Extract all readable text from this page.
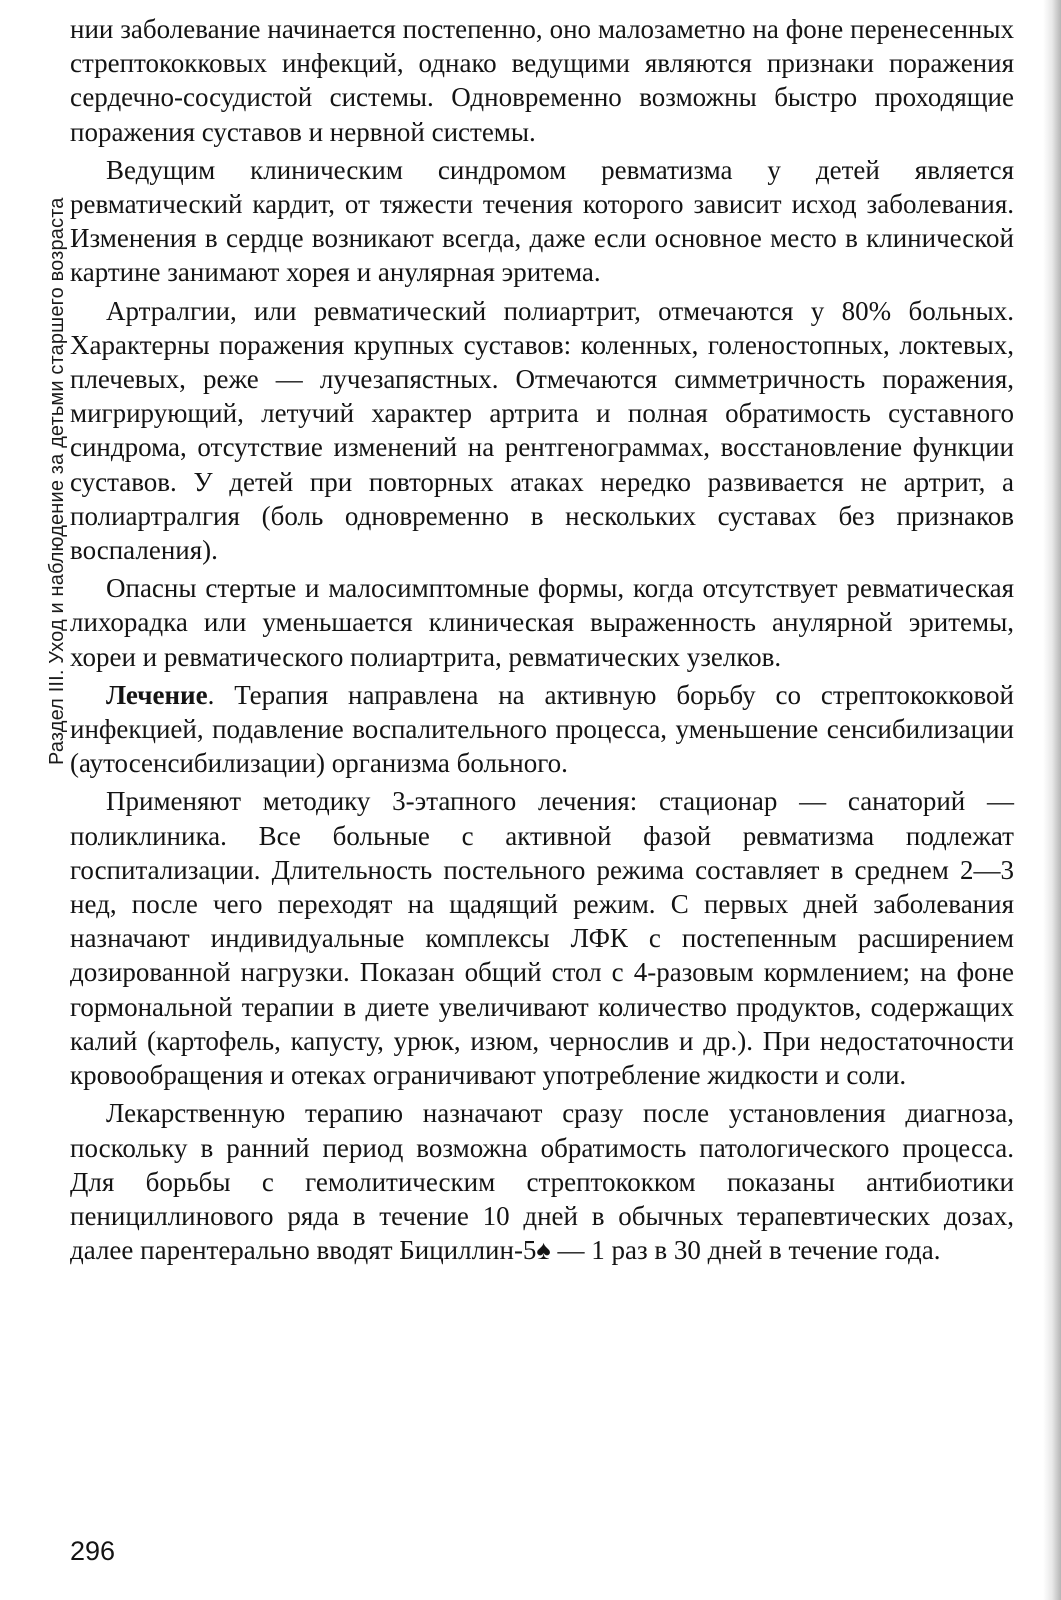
Раздел III. Уход и наблюдение за детьми старшего возраста

нии заболевание начинается постепенно, оно малозаметно на фоне перенесенных стрептококковых инфекций, однако ведущими являются признаки поражения сердечно-сосудистой системы. Одновременно возможны быстро проходящие поражения суставов и нервной системы.

Ведущим клиническим синдромом ревматизма у детей является ревматический кардит, от тяжести течения которого зависит исход заболевания. Изменения в сердце возникают всегда, даже если основное место в клинической картине занимают хорея и анулярная эритема.

Артралгии, или ревматический полиартрит, отмечаются у 80% больных. Характерны поражения крупных суставов: коленных, голеностопных, локтевых, плечевых, реже — лучезапястных. Отмечаются симметричность поражения, мигрирующий, летучий характер артрита и полная обратимость суставного синдрома, отсутствие изменений на рентгенограммах, восстановление функции суставов. У детей при повторных атаках нередко развивается не артрит, а полиартралгия (боль одновременно в нескольких суставах без признаков воспаления).

Опасны стертые и малосимптомные формы, когда отсутствует ревматическая лихорадка или уменьшается клиническая выраженность анулярной эритемы, хореи и ревматического полиартрита, ревматических узелков.

Лечение. Терапия направлена на активную борьбу со стрептококковой инфекцией, подавление воспалительного процесса, уменьшение сенсибилизации (аутосенсибилизации) организма больного.

Применяют методику 3-этапного лечения: стационар — санаторий — поликлиника. Все больные с активной фазой ревматизма подлежат госпитализации. Длительность постельного режима составляет в среднем 2—3 нед, после чего переходят на щадящий режим. С первых дней заболевания назначают индивидуальные комплексы ЛФК с постепенным расширением дозированной нагрузки. Показан общий стол с 4-разовым кормлением; на фоне гормональной терапии в диете увеличивают количество продуктов, содержащих калий (картофель, капусту, урюк, изюм, чернослив и др.). При недостаточности кровообращения и отеках ограничивают употребление жидкости и соли.

Лекарственную терапию назначают сразу после установления диагноза, поскольку в ранний период возможна обратимость патологического процесса. Для борьбы с гемолитическим стрептококком показаны антибиотики пенициллинового ряда в течение 10 дней в обычных терапевтических дозах, далее парентерально вводят Бициллин-5♠ — 1 раз в 30 дней в течение года.

296
